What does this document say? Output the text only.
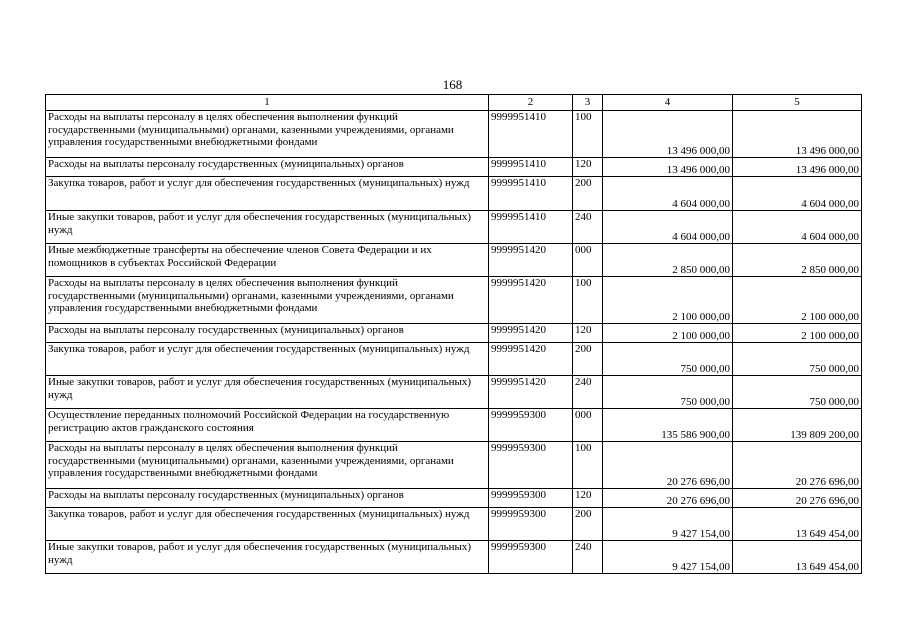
168
1	2	3	4	5
Расходы на выплаты персоналу в целях обеспечения выполнения функций государственными (муниципальными) органами, казенными учреждениями, органами управления государственными внебюджетными фондами	9999951410	100	13 496 000,00	13 496 000,00
Расходы на выплаты персоналу государственных (муниципальных) органов	9999951410	120	13 496 000,00	13 496 000,00
Закупка товаров, работ и услуг для обеспечения государственных (муниципальных) нужд	9999951410	200	4 604 000,00	4 604 000,00
Иные закупки товаров, работ и услуг для обеспечения государственных (муниципальных) нужд	9999951410	240	4 604 000,00	4 604 000,00
Иные межбюджетные трансферты на обеспечение членов Совета Федерации и их помощников в субъектах Российской Федерации	9999951420	000	2 850 000,00	2 850 000,00
Расходы на выплаты персоналу в целях обеспечения выполнения функций государственными (муниципальными) органами, казенными учреждениями, органами управления государственными внебюджетными фондами	9999951420	100	2 100 000,00	2 100 000,00
Расходы на выплаты персоналу государственных (муниципальных) органов	9999951420	120	2 100 000,00	2 100 000,00
Закупка товаров, работ и услуг для обеспечения государственных (муниципальных) нужд	9999951420	200	750 000,00	750 000,00
Иные закупки товаров, работ и услуг для обеспечения государственных (муниципальных) нужд	9999951420	240	750 000,00	750 000,00
Осуществление переданных полномочий Российской Федерации на государственную регистрацию актов гражданского состояния	9999959300	000	135 586 900,00	139 809 200,00
Расходы на выплаты персоналу в целях обеспечения выполнения функций государственными (муниципальными) органами, казенными учреждениями, органами управления государственными внебюджетными фондами	9999959300	100	20 276 696,00	20 276 696,00
Расходы на выплаты персоналу государственных (муниципальных) органов	9999959300	120	20 276 696,00	20 276 696,00
Закупка товаров, работ и услуг для обеспечения государственных (муниципальных) нужд	9999959300	200	9 427 154,00	13 649 454,00
Иные закупки товаров, работ и услуг для обеспечения государственных (муниципальных) нужд	9999959300	240	9 427 154,00	13 649 454,00
